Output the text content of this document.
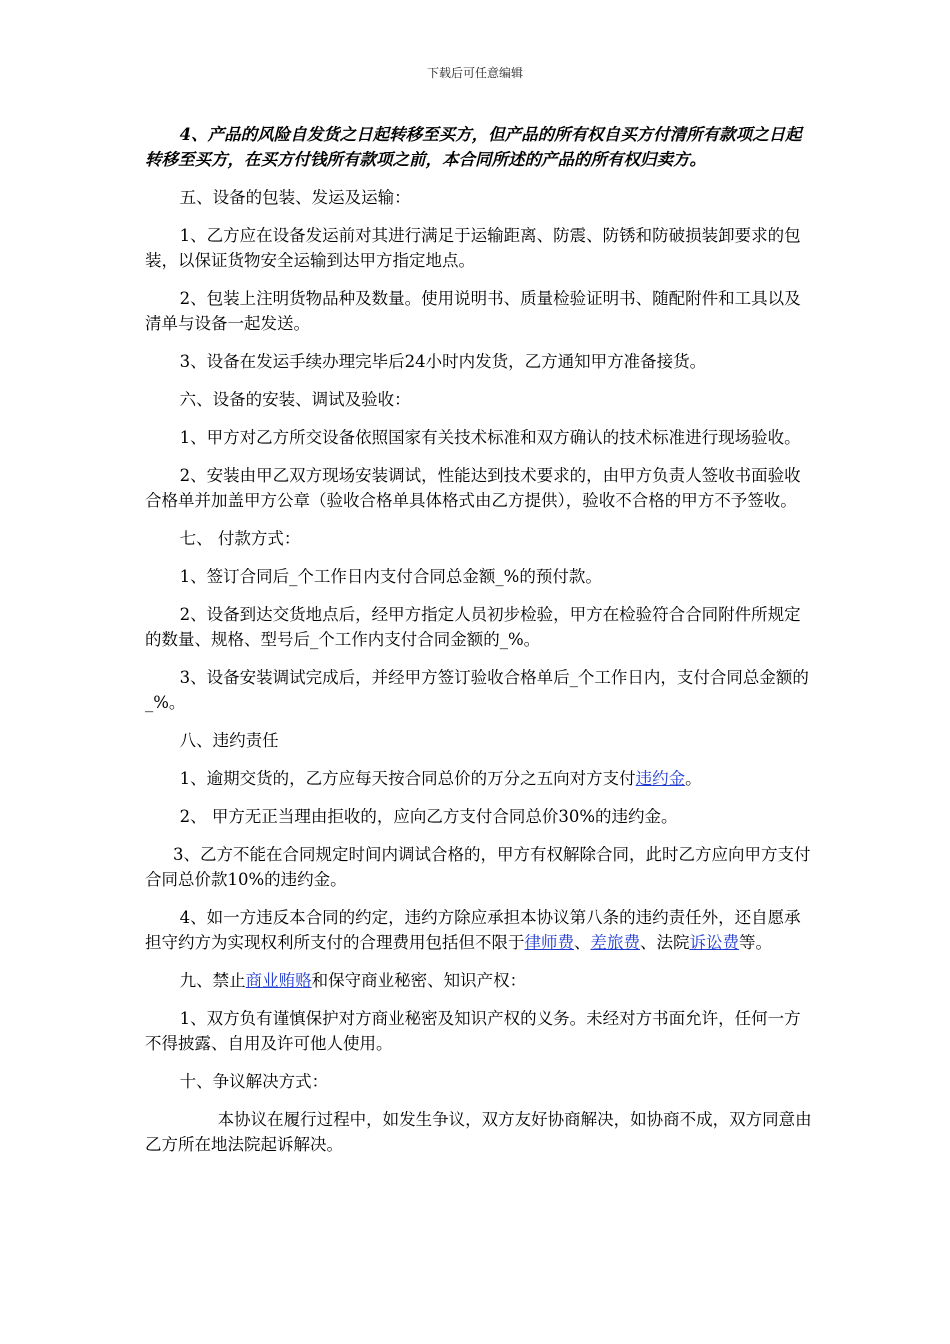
下载后可任意编辑

4、产品的风险自发货之日起转移至买方，但产品的所有权自买方付清所有款项之日起转移至买方，在买方付钱所有款项之前，本合同所述的产品的所有权归卖方。

五、设备的包装、发运及运输：

1、乙方应在设备发运前对其进行满足于运输距离、防震、防锈和防破损装卸要求的包装，以保证货物安全运输到达甲方指定地点。

2、包装上注明货物品种及数量。使用说明书、质量检验证明书、随配附件和工具以及清单与设备一起发送。

3、设备在发运手续办理完毕后24小时内发货，乙方通知甲方准备接货。

六、设备的安装、调试及验收：

1、甲方对乙方所交设备依照国家有关技术标准和双方确认的技术标准进行现场验收。

2、安装由甲乙双方现场安装调试，性能达到技术要求的，由甲方负责人签收书面验收合格单并加盖甲方公章（验收合格单具体格式由乙方提供），验收不合格的甲方不予签收。

七、 付款方式：

1、签订合同后_个工作日内支付合同总金额_%的预付款。

2、设备到达交货地点后，经甲方指定人员初步检验，甲方在检验符合合同附件所规定的数量、规格、型号后_个工作内支付合同金额的_%。

3、设备安装调试完成后，并经甲方签订验收合格单后_个工作日内，支付合同总金额的_%。

八、违约责任

1、逾期交货的，乙方应每天按合同总价的万分之五向对方支付违约金。

2、 甲方无正当理由拒收的，应向乙方支付合同总价30%的违约金。

3、乙方不能在合同规定时间内调试合格的，甲方有权解除合同，此时乙方应向甲方支付合同总价款10%的违约金。

4、如一方违反本合同的约定，违约方除应承担本协议第八条的违约责任外，还自愿承担守约方为实现权利所支付的合理费用包括但不限于律师费、差旅费、法院诉讼费等。

九、禁止商业贿赂和保守商业秘密、知识产权：

1、双方负有谨慎保护对方商业秘密及知识产权的义务。未经对方书面允许，任何一方不得披露、自用及许可他人使用。

十、争议解决方式：

本协议在履行过程中，如发生争议，双方友好协商解决，如协商不成，双方同意由乙方所在地法院起诉解决。
